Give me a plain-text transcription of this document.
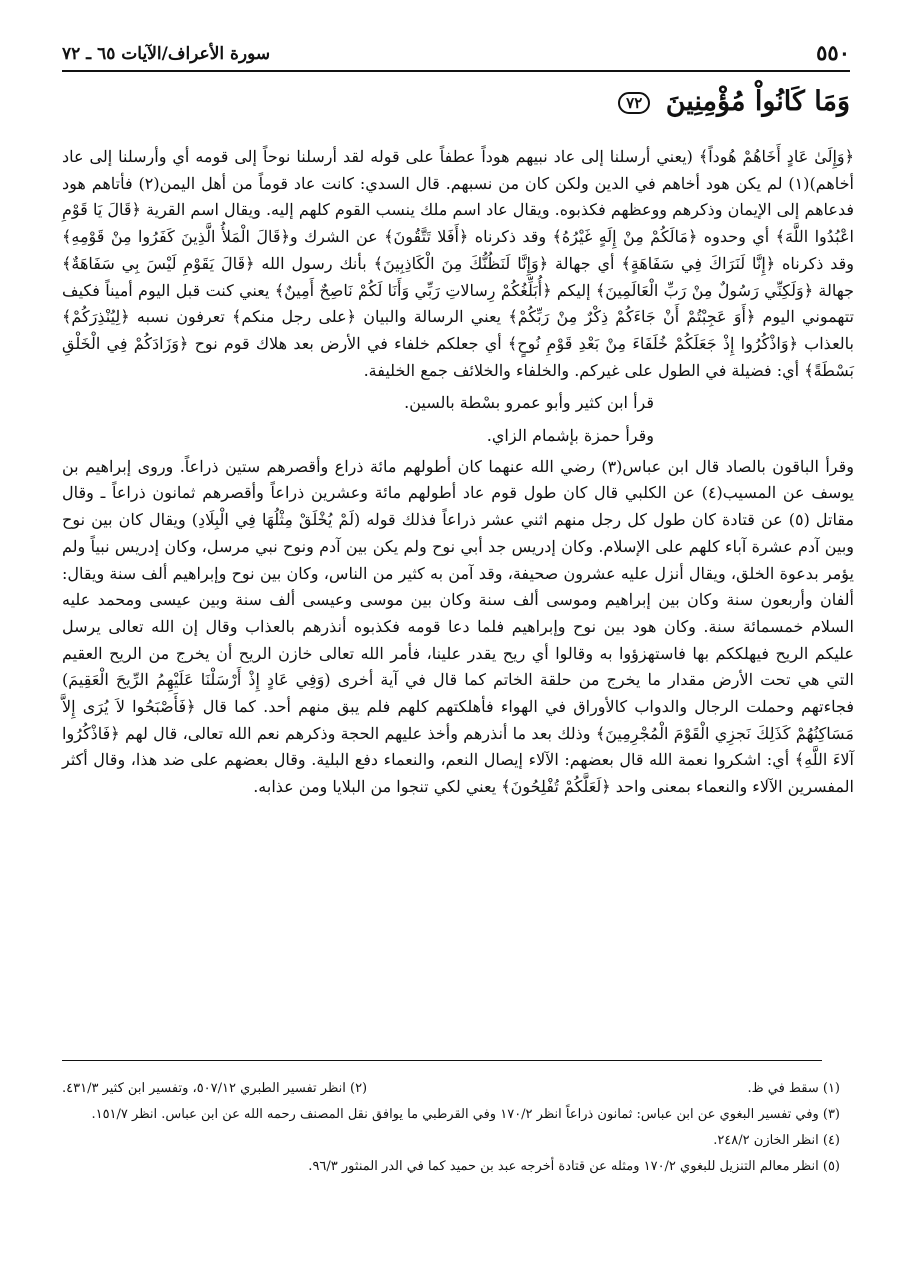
٥٥٠
سورة الأعراف/الآيات ٦٥ ـ ٧٢
وَمَا كَانُواْ مُؤْمِنِينَ ٧٢

﴿وَإِلَىٰ عَادٍ أَخَاهُمْ هُوداً﴾ (يعني أرسلنا إلى عاد نبيهم هوداً عطفاً على قوله لقد أرسلنا نوحاً إلى قومه أي وأرسلنا إلى عاد أخاهم)(١) لم يكن هود أخاهم في الدين ولكن كان من نسبهم. قال السدي: كانت عاد قوماً من أهل اليمن(٢) فأتاهم هود فدعاهم إلى الإيمان وذكرهم ووعظهم فكذبوه. ويقال عاد اسم ملك ينسب القوم كلهم إليه. ويقال اسم القرية ﴿قَالَ يَا قَوْمِ اعْبُدُوا اللَّهَ﴾ أي وحدوه ﴿مَالَكُمْ مِنْ إِلَهٍ غَيْرُهُ﴾ وقد ذكرناه ﴿أَفَلا تَتَّقُونَ﴾ عن الشرك و﴿قَالَ الْمَلأُ الَّذِينَ كَفَرُوا مِنْ قَوْمِهِ﴾ وقد ذكرناه ﴿إِنَّا لَنَرَاكَ فِي سَفَاهَةٍ﴾ أي جهالة ﴿وَإِنَّا لَنَظُنُّكَ مِنَ الْكَاذِبِينَ﴾ بأنك رسول الله ﴿قَالَ يَقَوْمِ لَيْسَ بِي سَفَاهَةٌ﴾ جهالة ﴿وَلَكِنِّي رَسُولٌ مِنْ رَبِّ الْعَالَمِينَ﴾ إليكم ﴿أُبَلِّغُكُمْ رِسالاتِ رَبِّي وَأَنَا لَكُمْ نَاصِحٌ أَمِينٌ﴾ يعني كنت قبل اليوم أميناً فكيف تتهموني اليوم ﴿أَوَ عَجِبْتُمْ أَنْ جَاءَكُمْ ذِكْرٌ مِنْ رَبِّكُمْ﴾ يعني الرسالة والبيان ﴿على رجل منكم﴾ تعرفون نسبه ﴿لِيُنْذِرَكُمْ﴾ بالعذاب ﴿وَاذْكُرُوا إِذْ جَعَلَكُمْ خُلَفَاءَ مِنْ بَعْدِ قَوْمِ نُوحٍ﴾ أي جعلكم خلفاء في الأرض بعد هلاك قوم نوح ﴿وَزَادَكُمْ فِي الْخَلْقِ بَسْطَةً﴾ أي: فضيلة في الطول على غيركم. والخلفاء والخلائف جمع الخليفة.

قرأ ابن كثير وأبو عمرو بسْطة بالسين.

وقرأ حمزة بإشمام الزاي.

وقرأ الباقون بالصاد قال ابن عباس(٣) رضي الله عنهما كان أطولهم مائة ذراع وأقصرهم ستين ذراعاً. وروى إبراهيم بن يوسف عن المسيب(٤) عن الكلبي قال كان طول قوم عاد أطولهم مائة وعشرين ذراعاً وأقصرهم ثمانون ذراعاً ـ وقال مقاتل (٥) عن قتادة كان طول كل رجل منهم اثني عشر ذراعاً فذلك قوله (لَمْ يُخْلَقْ مِثْلُهَا فِي الْبِلَادِ) ويقال كان بين نوح وبين آدم عشرة آباء كلهم على الإسلام. وكان إدريس جد أبي نوح ولم يكن بين آدم ونوح نبي مرسل، وكان إدريس نبياً ولم يؤمر بدعوة الخلق، ويقال أنزل عليه عشرون صحيفة، وقد آمن به كثير من الناس، وكان بين نوح وإبراهيم ألف سنة ويقال: ألفان وأربعون سنة وكان بين إبراهيم وموسى ألف سنة وكان بين موسى وعيسى ألف سنة وبين عيسى ومحمد عليه السلام خمسمائة سنة. وكان هود بين نوح وإبراهيم فلما دعا قومه فكذبوه أنذرهم بالعذاب وقال إن الله تعالى يرسل عليكم الريح فيهلككم بها فاستهزؤوا به وقالوا أي ريح يقدر علينا، فأمر الله تعالى خازن الريح أن يخرج من الريح العقيم التي هي تحت الأرض مقدار ما يخرج من حلقة الخاتم كما قال في آية أخرى (وَفِي عَادٍ إِذْ أَرْسَلْنَا عَلَيْهِمُ الرِّيحَ الْعَقِيمَ) فجاءتهم وحملت الرجال والدواب كالأوراق في الهواء فأهلكتهم كلهم فلم يبق منهم أحد. كما قال ﴿فَأَصْبَحُوا لاَ يُرَى إِلاَّ مَسَاكِنُهُمْ كَذَلِكَ نَجزِي الْقَوْمَ الْمُجْرِمِينَ﴾ وذلك بعد ما أنذرهم وأخذ عليهم الحجة وذكرهم نعم الله تعالى، قال لهم ﴿فَاذْكُرُوا آلاءَ اللَّهِ﴾ أي: اشكروا نعمة الله قال بعضهم: الآلاء إيصال النعم، والنعماء دفع البلية. وقال بعضهم على ضد هذا، وقال أكثر المفسرين الآلاء والنعماء بمعنى واحد ﴿لَعَلَّكُمْ تُفْلِحُونَ﴾ يعني لكي تنجوا من البلايا ومن عذابه.

(١) سقط في ظ.

(٢) انظر تفسير الطبري ٥٠٧/١٢، وتفسير ابن كثير ٤٣١/٣.

(٣) وفي تفسير البغوي عن ابن عباس: ثمانون ذراعاً انظر ١٧٠/٢ وفي القرطبي ما يوافق نقل المصنف رحمه الله عن ابن عباس. انظر ١٥١/٧.

(٤) انظر الخازن ٢٤٨/٢.

(٥) انظر معالم التنزيل للبغوي ١٧٠/٢ ومثله عن قتادة أخرجه عبد بن حميد كما في الدر المنثور ٩٦/٣.
